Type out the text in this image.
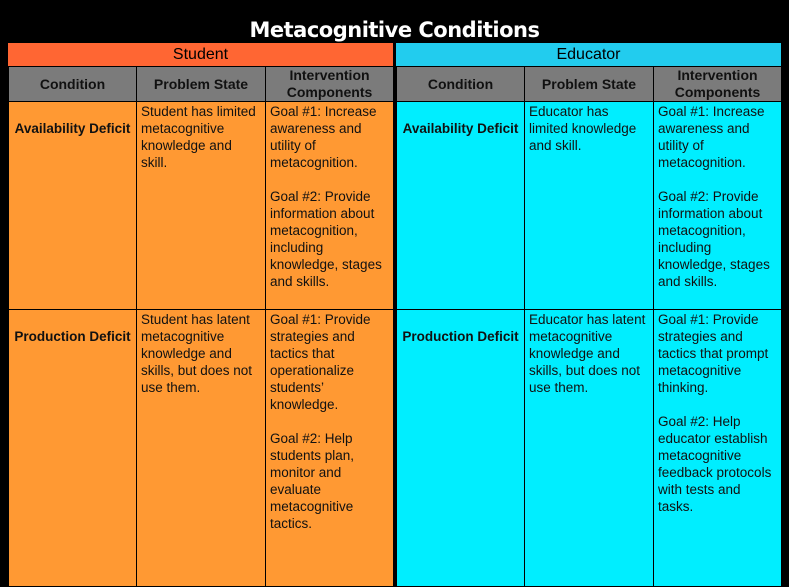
Metacognitive Conditions
Student
Condition	Problem State	Intervention Components
Availability Deficit	Student has limited metacognitive knowledge and skill.	Goal #1: Increase awareness and utility of metacognition.

Goal #2: Provide information about metacognition, including knowledge, stages and skills.
Production Deficit	Student has latent metacognitive knowledge and skills, but does not use them.	Goal #1: Provide strategies and tactics that operationalize students’ knowledge.

Goal #2: Help students plan, monitor and evaluate metacognitive tactics.
Educator
Condition	Problem State	Intervention Components
Availability Deficit	Educator has limited knowledge and skill.	Goal #1: Increase awareness and utility of metacognition.

Goal #2: Provide information about metacognition, including knowledge, stages and skills.
Production Deficit	Educator has latent metacognitive knowledge and skills, but does not use them.	Goal #1: Provide strategies and tactics that prompt metacognitive thinking.

Goal #2: Help educator establish metacognitive feedback protocols with tests and tasks.
